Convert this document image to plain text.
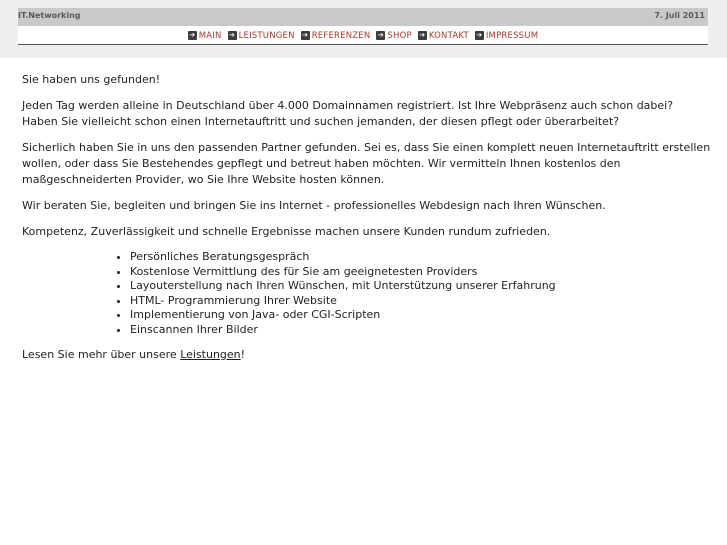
IT.Networking	7. Juli 2011
➔ MAIN ➔ LEISTUNGEN ➔ REFERENZEN ➔ SHOP ➔ KONTAKT ➔ IMPRESSUM

Sie haben uns gefunden!

Jeden Tag werden alleine in Deutschland über 4.000 Domainnamen registriert. Ist Ihre Webpräsenz auch schon dabei? Haben Sie vielleicht schon einen Internetauftritt und suchen jemanden, der diesen pflegt oder überarbeitet?

Sicherlich haben Sie in uns den passenden Partner gefunden. Sei es, dass Sie einen komplett neuen Internetauftritt erstellen wollen, oder dass Sie Bestehendes gepflegt und betreut haben möchten. Wir vermitteln Ihnen kostenlos den maßgeschneiderten Provider, wo Sie Ihre Website hosten können.

Wir beraten Sie, begleiten und bringen Sie ins Internet - professionelles Webdesign nach Ihren Wünschen.

Kompetenz, Zuverlässigkeit und schnelle Ergebnisse machen unsere Kunden rundum zufrieden.

• Persönliches Beratungsgespräch
• Kostenlose Vermittlung des für Sie am geeignetesten Providers
• Layouterstellung nach Ihren Wünschen, mit Unterstützung unserer Erfahrung
• HTML- Programmierung Ihrer Website
• Implementierung von Java- oder CGI-Scripten
• Einscannen Ihrer Bilder

Lesen Sie mehr über unsere Leistungen!
